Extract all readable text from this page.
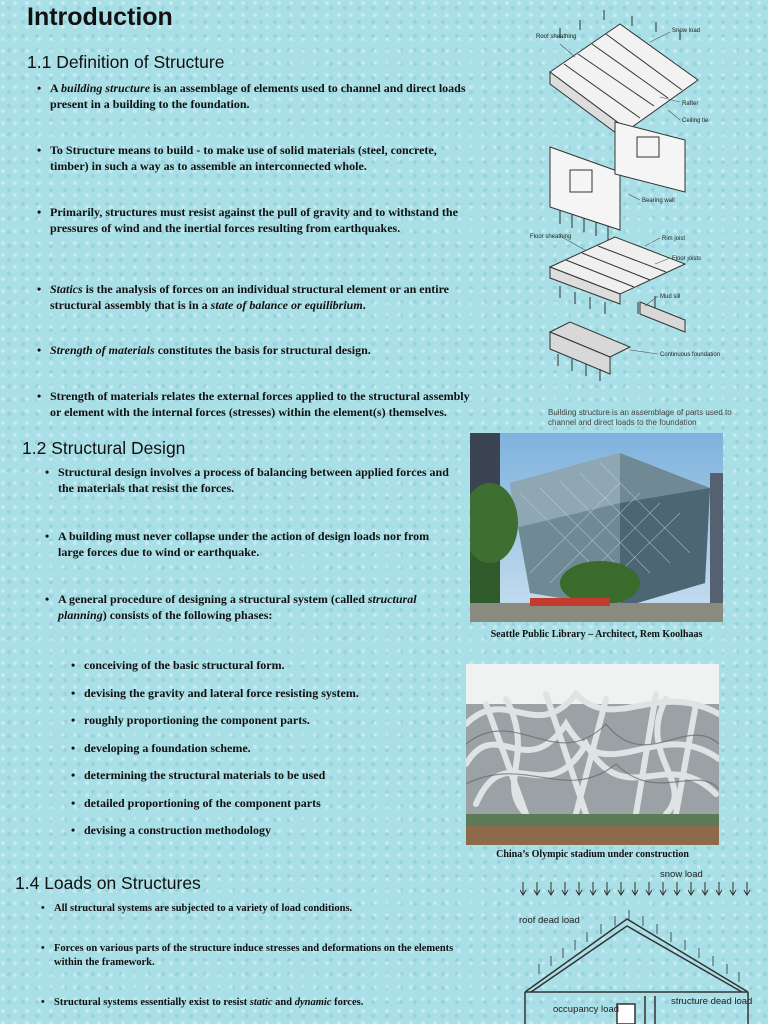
Introduction
1.1 Definition of Structure
• A building structure is an assemblage of elements used to channel and direct loads present in a building to the foundation.
• To Structure means to build - to make use of solid materials (steel, concrete, timber) in such a way as to assemble an interconnected whole.
• Primarily, structures must resist against the pull of gravity and to withstand the pressures of wind and the inertial forces resulting from earthquakes.
• Statics is the analysis of forces on an individual structural element or an entire structural assembly that is in a state of balance or equilibrium.
• Strength of materials constitutes the basis for structural design.
• Strength of materials relates the external forces applied to the structural assembly or element with the internal forces (stresses) within the element(s) themselves.
1.2 Structural Design
• Structural design involves a process of balancing between applied forces and the materials that resist the forces.
• A building must never collapse under the action of design loads nor from large forces due to wind or earthquake.
• A general procedure of designing a structural system (called structural planning) consists of the following phases:
• conceiving of the basic structural form.
• devising the gravity and lateral force resisting system.
• roughly proportioning the component parts.
• developing a foundation scheme.
• determining the structural materials to be used
• detailed proportioning of the component parts
• devising a construction methodology
1.4 Loads on Structures
• All structural systems are subjected to a variety of load conditions.
• Forces on various parts of the structure induce stresses and deformations on the elements within the framework.
• Structural systems essentially exist to resist static and dynamic forces.
Roof sheathing
Snow load
Rafter
Ceiling tie
Bearing wall
Floor sheathing	Rim joist
Floor joists
Mud sill
Continuous foundation
Building structure is an assemblage of parts used to channel and direct loads to the foundation
Seattle Public Library – Architect, Rem Koolhaas
China’s Olympic stadium under construction
snow load
roof dead load
occupancy load
structure dead load
